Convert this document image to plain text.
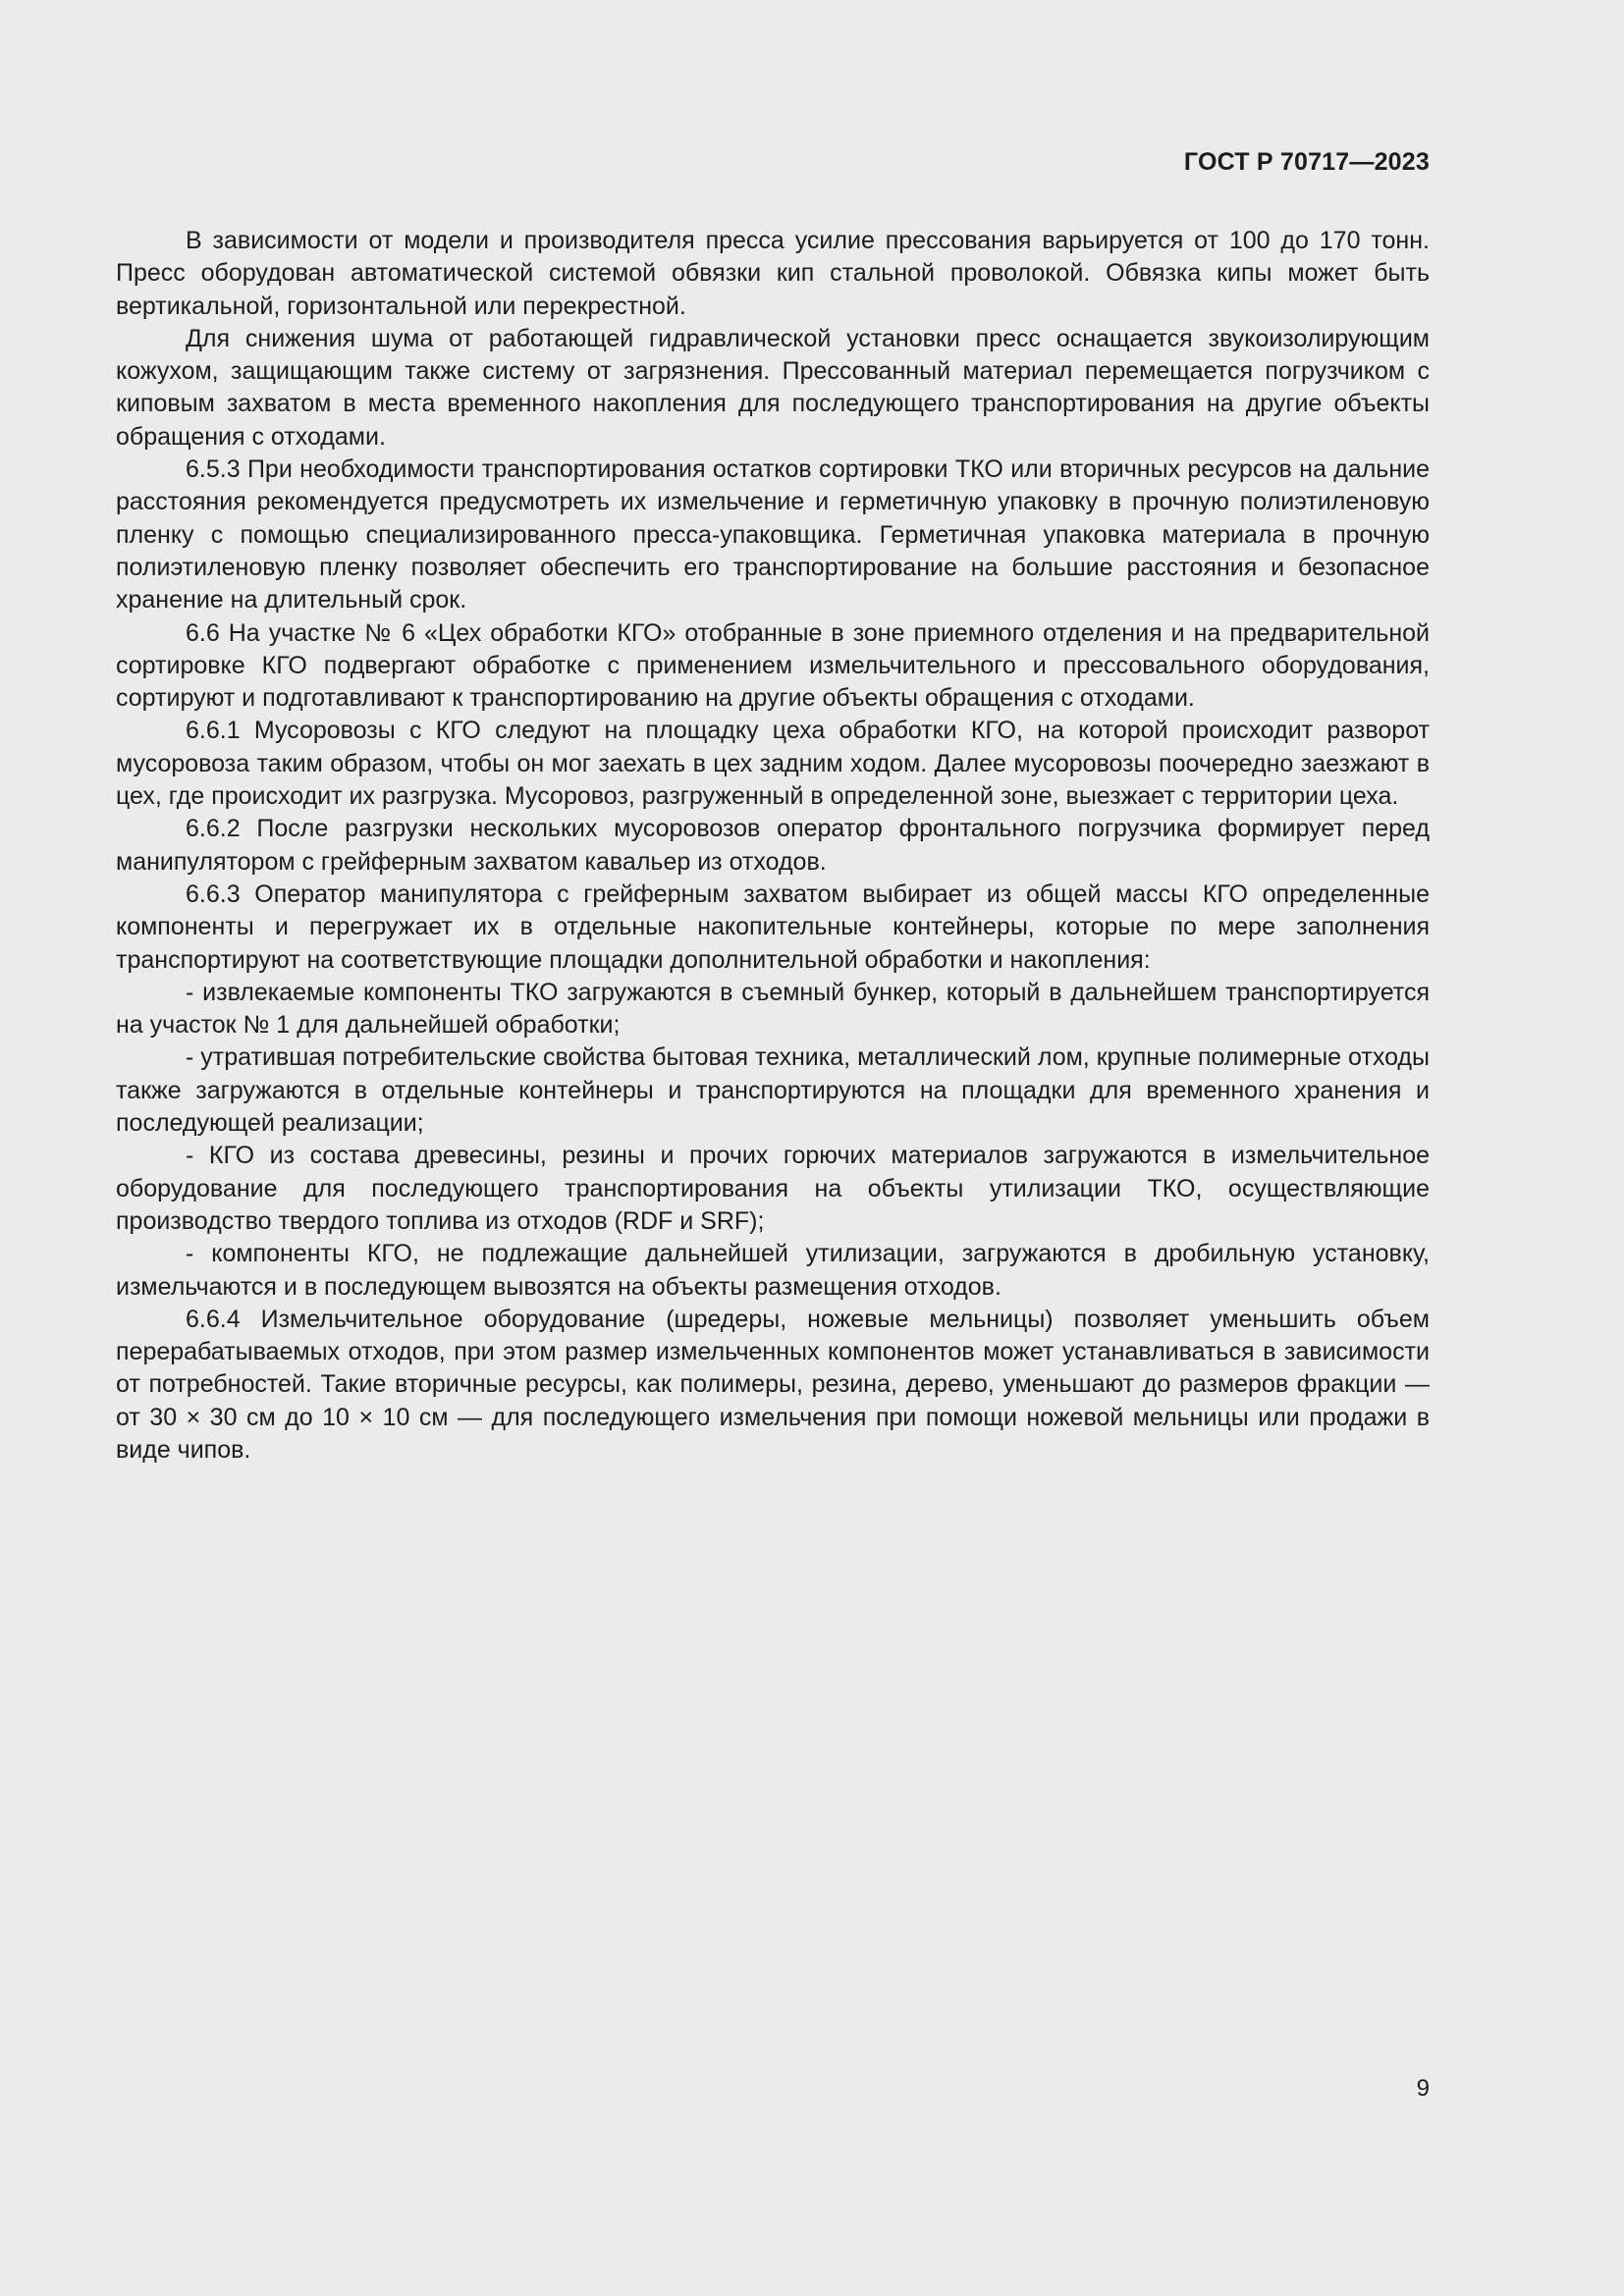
ГОСТ Р 70717—2023

В зависимости от модели и производителя пресса усилие прессования варьируется от 100 до 170 тонн. Пресс оборудован автоматической системой обвязки кип стальной проволокой. Обвязка кипы может быть вертикальной, горизонтальной или перекрестной.

Для снижения шума от работающей гидравлической установки пресс оснащается звукоизолирующим кожухом, защищающим также систему от загрязнения. Прессованный материал перемещается погрузчиком с киповым захватом в места временного накопления для последующего транспортирования на другие объекты обращения с отходами.

6.5.3 При необходимости транспортирования остатков сортировки ТКО или вторичных ресурсов на дальние расстояния рекомендуется предусмотреть их измельчение и герметичную упаковку в прочную полиэтиленовую пленку с помощью специализированного пресса-упаковщика. Герметичная упаковка материала в прочную полиэтиленовую пленку позволяет обеспечить его транспортирование на большие расстояния и безопасное хранение на длительный срок.

6.6 На участке № 6 «Цех обработки КГО» отобранные в зоне приемного отделения и на предварительной сортировке КГО подвергают обработке с применением измельчительного и прессовального оборудования, сортируют и подготавливают к транспортированию на другие объекты обращения с отходами.

6.6.1 Мусоровозы с КГО следуют на площадку цеха обработки КГО, на которой происходит разворот мусоровоза таким образом, чтобы он мог заехать в цех задним ходом. Далее мусоровозы поочередно заезжают в цех, где происходит их разгрузка. Мусоровоз, разгруженный в определенной зоне, выезжает с территории цеха.

6.6.2 После разгрузки нескольких мусоровозов оператор фронтального погрузчика формирует перед манипулятором с грейферным захватом кавальер из отходов.

6.6.3 Оператор манипулятора с грейферным захватом выбирает из общей массы КГО определенные компоненты и перегружает их в отдельные накопительные контейнеры, которые по мере заполнения транспортируют на соответствующие площадки дополнительной обработки и накопления:

- извлекаемые компоненты ТКО загружаются в съемный бункер, который в дальнейшем транспортируется на участок № 1 для дальнейшей обработки;

- утратившая потребительские свойства бытовая техника, металлический лом, крупные полимерные отходы также загружаются в отдельные контейнеры и транспортируются на площадки для временного хранения и последующей реализации;

- КГО из состава древесины, резины и прочих горючих материалов загружаются в измельчительное оборудование для последующего транспортирования на объекты утилизации ТКО, осуществляющие производство твердого топлива из отходов (RDF и SRF);

- компоненты КГО, не подлежащие дальнейшей утилизации, загружаются в дробильную установку, измельчаются и в последующем вывозятся на объекты размещения отходов.

6.6.4 Измельчительное оборудование (шредеры, ножевые мельницы) позволяет уменьшить объем перерабатываемых отходов, при этом размер измельченных компонентов может устанавливаться в зависимости от потребностей. Такие вторичные ресурсы, как полимеры, резина, дерево, уменьшают до размеров фракции — от 30 × 30 см до 10 × 10 см — для последующего измельчения при помощи ножевой мельницы или продажи в виде чипов.

9
